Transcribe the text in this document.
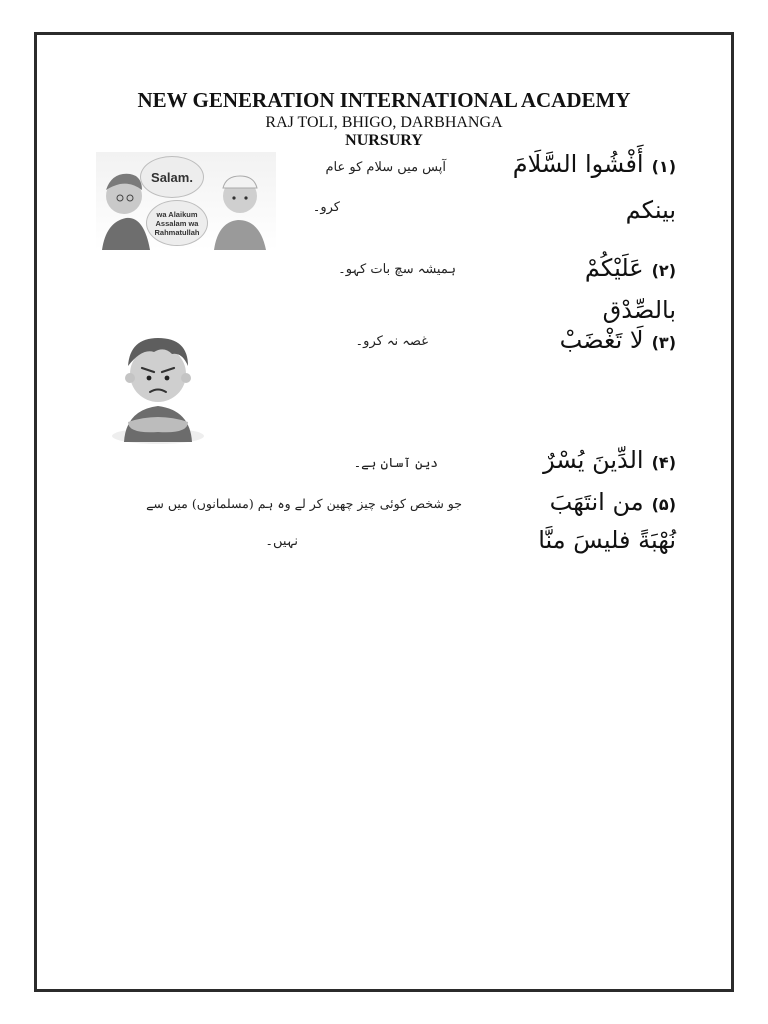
NEW GENERATION INTERNATIONAL ACADEMY
RAJ TOLI, BHIGO, DARBHANGA
NURSURY
Salam.
wa Alaikum Assalam wa Rahmatullah
(۱)أَفْشُوا السَّلَامَ
بينكم
آپس میں سلام کو عام
کرو۔
(۲)عَلَيْكُمْ
بالصِّدْق
ہمیشہ سچ بات کہو۔
(۳)لَا تَغْضَبْ
غصہ نہ کرو۔
(۴)الدِّينَ يُسْرٌ
دین آسان ہے۔
(۵)من انتَهَبَ
نُهْبَةً فليسَ منَّا
جو شخص کوئی چیز چھین کر لے وہ ہم (مسلمانوں) میں سے
نہیں۔
